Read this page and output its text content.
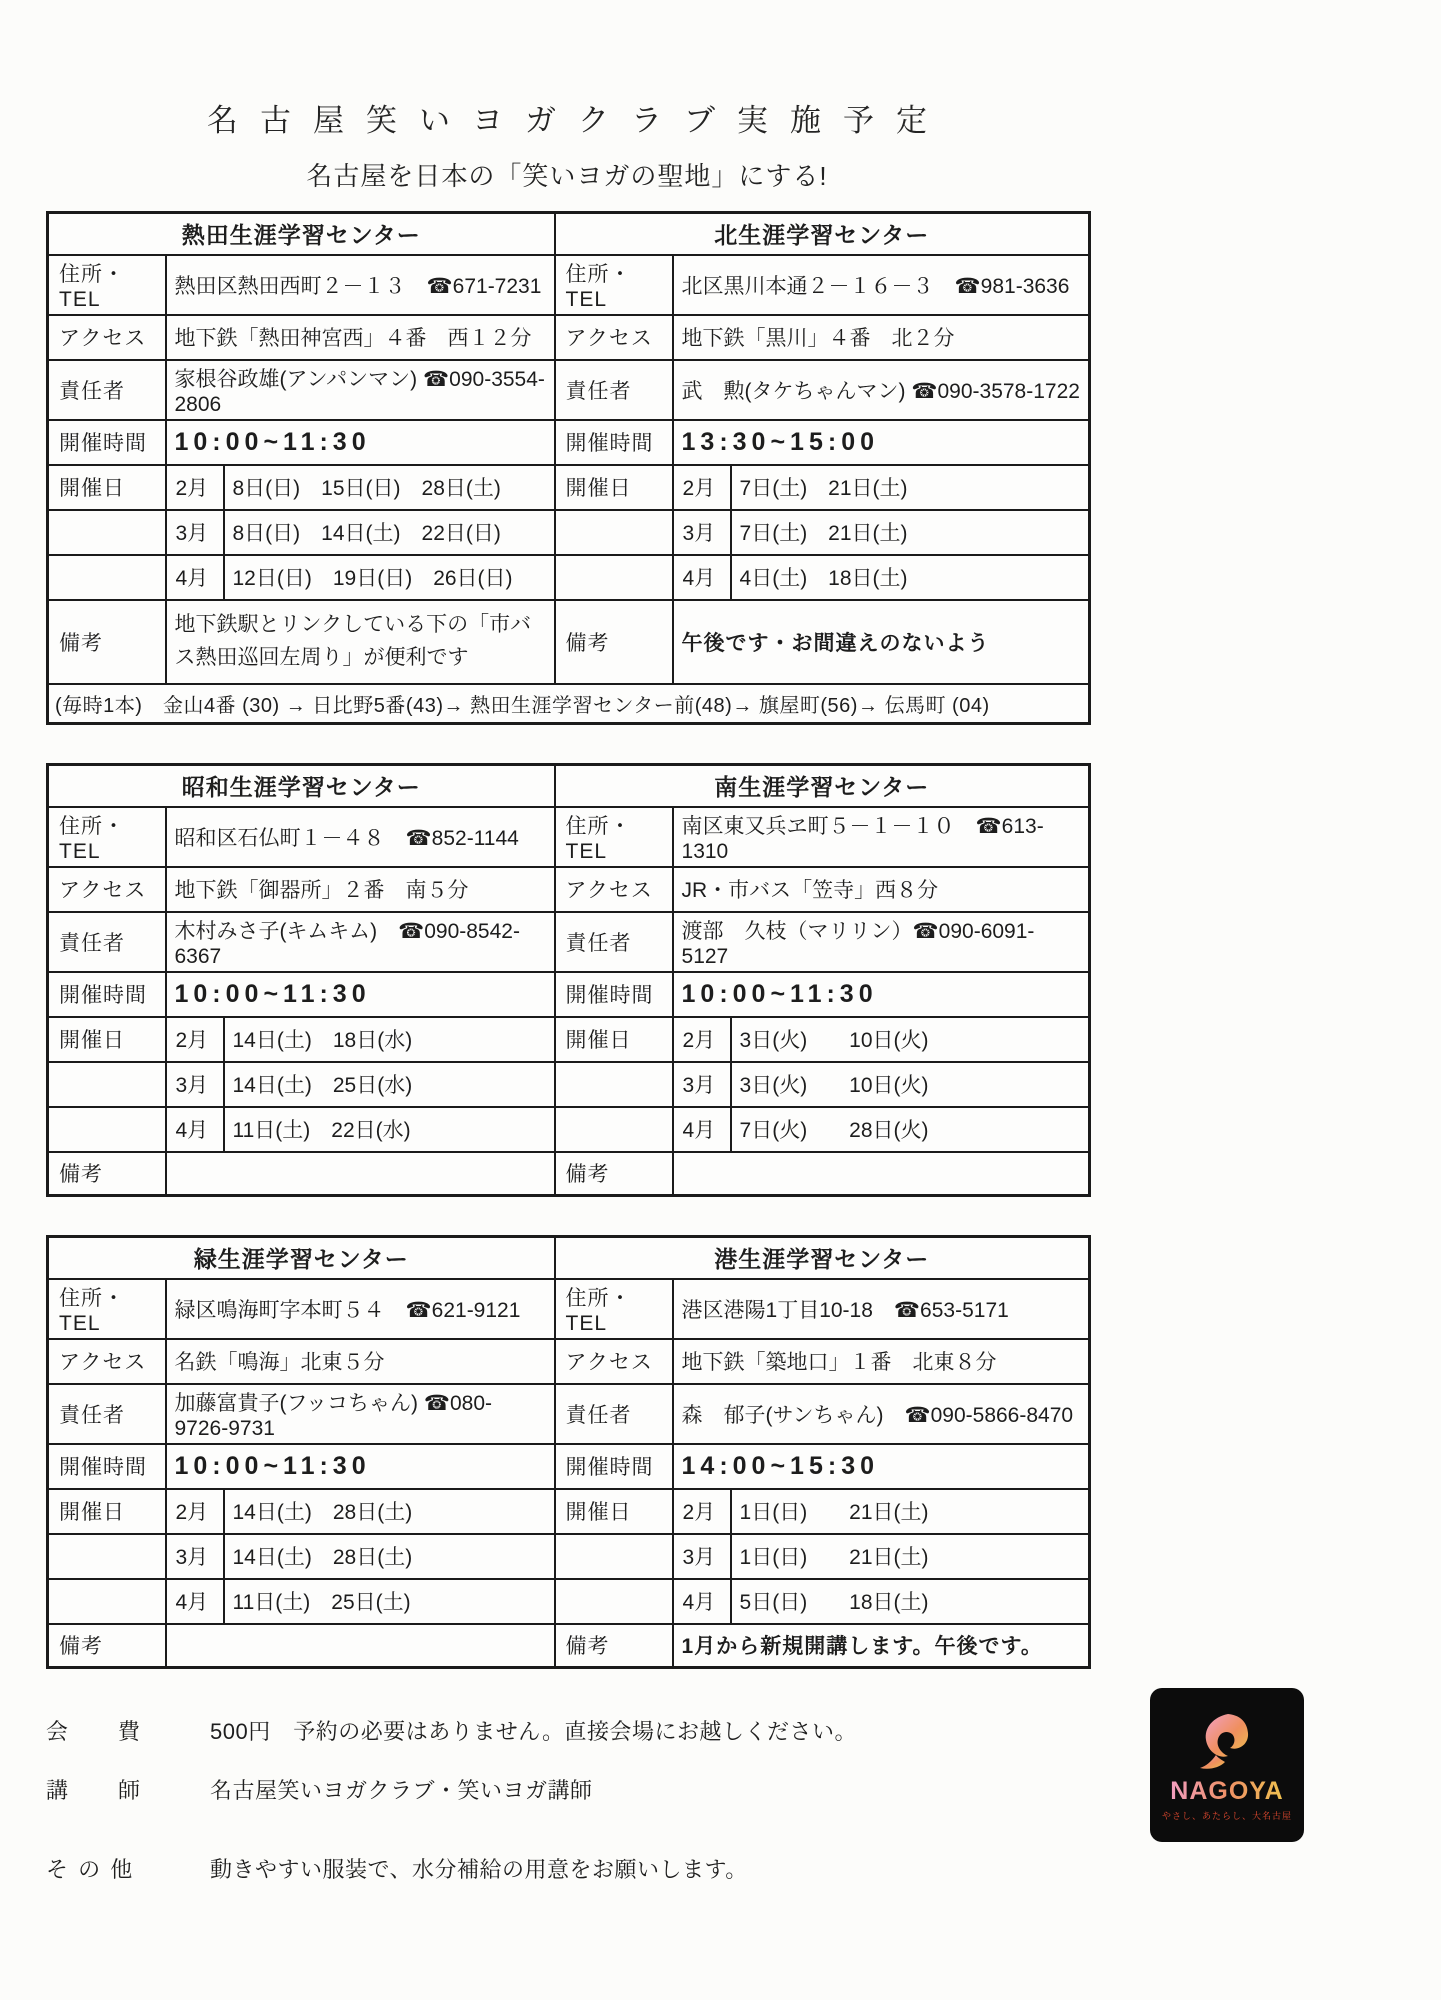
名古屋笑いヨガクラブ実施予定
名古屋を日本の「笑いヨガの聖地」にする!
熱田生涯学習センター			北生涯学習センター		
住所・TEL	熱田区熱田西町２－１３　☎671-7231		住所・TEL	北区黒川本通２－１６－３　☎981-3636	
アクセス	地下鉄「熱田神宮西」４番　西１２分		アクセス	地下鉄「黒川」４番　北２分	
責任者	家根谷政雄(アンパンマン) ☎090-3554-2806		責任者	武　勲(タケちゃんマン) ☎090-3578-1722	
開催時間	10:00~11:30		開催時間	13:30~15:00	
開催日	2月	8日(日)　15日(日)　28日(土)	開催日	2月	7日(土)　21日(土)
	3月	8日(日)　14日(土)　22日(日)		3月	7日(土)　21日(土)
	4月	12日(日)　19日(日)　26日(日)		4月	4日(土)　18日(土)
備考	地下鉄駅とリンクしている下の「市バス熱田巡回左周り」が便利です		備考	午後です・お間違えのないよう	
(毎時1本)　金山4番 (30) → 日比野5番(43)→ 熱田生涯学習センター前(48)→ 旗屋町(56)→ 伝馬町 (04)					
昭和生涯学習センター			南生涯学習センター		
住所・TEL	昭和区石仏町１－４８　☎852-1144		住所・TEL	南区東又兵ヱ町５－１－１０　☎613-1310	
アクセス	地下鉄「御器所」２番　南５分		アクセス	JR・市バス「笠寺」西８分	
責任者	木村みさ子(キムキム)　☎090-8542-6367		責任者	渡部　久枝（マリリン）☎090-6091-5127	
開催時間	10:00~11:30		開催時間	10:00~11:30	
開催日	2月	14日(土)　18日(水)	開催日	2月	3日(火)　　10日(火)
	3月	14日(土)　25日(水)		3月	3日(火)　　10日(火)
	4月	11日(土)　22日(水)		4月	7日(火)　　28日(火)
備考			備考		
緑生涯学習センター			港生涯学習センター		
住所・TEL	緑区鳴海町字本町５４　☎621-9121		住所・TEL	港区港陽1丁目10-18　☎653-5171	
アクセス	名鉄「鳴海」北東５分		アクセス	地下鉄「築地口」１番　北東８分	
責任者	加藤富貴子(フッコちゃん) ☎080-9726-9731		責任者	森　郁子(サンちゃん)　☎090-5866-8470	
開催時間	10:00~11:30		開催時間	14:00~15:30	
開催日	2月	14日(土)　28日(土)	開催日	2月	1日(日)　　21日(土)
	3月	14日(土)　28日(土)		3月	1日(日)　　21日(土)
	4月	11日(土)　25日(土)		4月	5日(日)　　18日(土)
備考			備考	1月から新規開講します。午後です。	
会　　費	500円　予約の必要はありません。直接会場にお越しください。
講　　師	名古屋笑いヨガクラブ・笑いヨガ講師
そ の 他	動きやすい服装で、水分補給の用意をお願いします。
NAGOYA
やさし、あたらし、大名古屋
